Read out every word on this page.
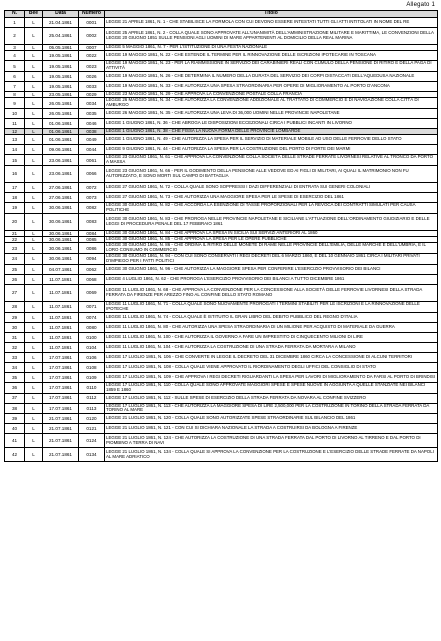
Allegato 1
N.	Bee	Data	Numero	Titolo
1	L	21.04.1861	0001	LEGGE 21 APRILE 1861, N. 1 - CHE STABILISCE LA FORMOLA CON CUI DEVONO ESSERE INTESTATI TUTTI GLI ATTI INTITOLATI IN NOME DEL RE
2	L	25.04.1861	0002	LEGGE 25 APRILE 1861, N. 2 - COLLA QUALE SONO APPROVATE ALL'UNANIMITÀ DELL'AMMINISTRAZIONE MILITARE E MARITTIMA, LE CONVENZIONI DELLA LEGGE 20 GIUGNO 1851 SULLE PENSIONI AGLI UOMINI DI MARE APPARTENENTI AL DOMICILIO DELLA REAL MARINA
3	L	05.05.1861	0007	LEGGE 5 MAGGIO 1861, N. 7 - PER L'ISTITUZIONE DI UNA FESTA NAZIONALE
4	L	19.05.1861	0022	LEGGE 19 MAGGIO 1861, N. 22 - CHE ESTENDE IL TERMINE PER IL RINNOVAZIONE DELLE ISCRIZIONI IPOTECARIE IN TOSCANA
5	L	19.05.1861	0023	LEGGE 19 MAGGIO 1861, N. 23 - PER LA RIAMMISSIONE IN SERVIZIO DEI CARABINIERI REALI CON CUMULO DELLA PENSIONE DI RITIRO E DELLA PAGA DI ATTIVITÀ
6	L	19.05.1861	0026	LEGGE 19 MAGGIO 1861, N. 26 - CHE DETERMINA IL NUMERO DELLA DURATA DEL SERVIZIO DEI CORPI DISTACCATI DELL'AQUEDUSA NAZIONALE
7	L	19.05.1861	0033	LEGGE 19 MAGGIO 1861, N. 33 - CHE AUTORIZZA UNA SPESA STRAORDINARIA PER OPERE DI MIGLIORAMENTO AL PORTO D'ANCONA
8	L	23.05.1861	0029	LEGGE 23 MAGGIO 1861, N. 29 - CHE APPROVA LA CONVENZIONE POSTALE COLLA FRANCIA
9	L	26.05.1861	0034	LEGGE 26 MAGGIO 1861, N. 34 - CHE AUTORIZZA LA CONVENZIONE ADDIZIONALE AL TRATTATO DI COMMERCIO E DI NAVIGAZIONE COLLA CITTÀ DI AMBURGO
10	L	26.05.1861	0035	LEGGE 26 MAGGIO 1861, N. 35 - CHE AUTORIZZA UNA LEVA DI 36,000 UOMINI NELLE PROVINCIE NAPOLETANE
11	L	01.06.1861	0046	LEGGE 1 GIUGNO 1861, N. 36 - CHE ABROGA LE DISPOSIZIONI ECCEZIONALI CIRCA I PUBBLICI INCANTI IN LIVORNO
12	L	01.06.1861	0038	LEGGE 1 GIUGNO 1861, N. 38 - CHE FISSA LA NUOVA FORMA DELLE PROVINCIE LOMBARDE
13	L	01.06.1861	0049	LEGGE 1 GIUGNO 1861, N. 49 - CHE AUTORIZZA LA SPESA PER IL SERVIZIO DI MATERIALE MOBILE AD USO DELLE FERROVIE DELLO STATO
14	L	09.06.1861	0044	LEGGE 9 GIUGNO 1861, N. 44 - CHE AUTORIZZA LA SPESA PER LA COSTRUZIONE DEL PORTO DI FORTE DEI MARMI
15	L	23.06.1861	0061	LEGGE 23 GIUGNO 1861, N. 61 - CHE APPROVA LA CONVENZIONE COLLA SOCIETÀ DELLE STRADE FERRATE LIVORNESI RELATIVE AL TRONCO DA PORTO A MASSA
16	L	23.06.1861	0066	LEGGE 23 GIUGNO 1861, N. 66 - PER IL GODIMENTO DELLA PENSIONE ALLE VEDOVE ED AI FIGLI DI MILITARI, AI QUALI IL MATRIMONIO NON FU AUTORIZZATO, E SONO MORTI SUL CAMPO DI BATTAGLIA
17	L	27.06.1861	0072	LEGGE 27 GIUGNO 1861, N. 72 - COLLA QUALE SONO SOPPRESSI I DAZI DIFFERENZIALI DI ENTRATA SUI GENERI COLONIALI
18	L	27.06.1861	0073	LEGGE 27 GIUGNO 1861, N. 73 - CHE AUTORIZZA UNA MAGGIORE SPESA PER LE SPESE DI ESERCIZIO DEL 1861
19	L	30.06.1861	0082	LEGGE 30 GIUGNO 1861, N. 82 - CHE ACCORDA LA ESENZIONE DI TASSE PROPORZIONALI PER LA REVOCA DEI CONTRATTI SIMULATI PER CAUSA POLITICHE
20	L	30.06.1861	0083	LEGGE 30 GIUGNO 1861, N. 83 - CHE PROROGA NELLE PROVINCIE NAPOLETANE E SICILIANE L'ATTUAZIONE DELL'ORDINAMENTO GIUDIZIARIO E DELLE LEGGI DI PROCEDURA PENALE DEL 17 FEBBRAIO 1861
21	L	30.06.1861	0084	LEGGE 30 GIUGNO 1861, N. 84 - CHE APPROVA LA SPESA IN SICILIA SUI SERVIZI ANTERIORI AL 1860
22	L	30.06.1861	0085	LEGGE 30 GIUGNO 1861, N. 85 - CHE APPROVA LA SPESA PER LE OPERE PUBBLICHE
23	L	30.06.1861	0086	LEGGE 30 GIUGNO 1861, N. 86 - CHE ORDINA IL RITIRO DELLE MONETE DI RAME NELLE PROVINCIE DELL'EMILIA, DELLE MARCHE E DELL'UMBRIA, E IL LORO CONSUMO IN COMMERCIO
24	L	30.06.1861	0094	LEGGE 30 GIUGNO 1861, N. 94 - CON CUI SONO CONSERVATI I REGI DECRETI DEL 6 MARZO 1860, E DEL 10 GENNAIO 1861 CIRCA I MILITARI PRIVATI D'IMPIEGO PER I FATTI POLITICI
25	L	04.07.1861	0062	LEGGE 30 GIUGNO 1861, N. 96 - CHE AUTORIZZA LA MAGGIORE SPESA PER CONFERIRE L'ESERCIZIO PROVVISORIO DEI BILANCI
26	L	11.07.1861	0068	LEGGE 4 LUGLIO 1861, N. 62 - CHE PROROGA L'ESERCIZIO PROVVISORIO DEI BILANCI A TUTTO DICEMBRE 1861
27	L	11.07.1861	0069	LEGGE 11 LUGLIO 1861, N. 68 - CHE APPROVA LA CONVENZIONE PER LA CONCESSIONE ALLA SOCIETÀ DELLE FERROVIE LIVORNESI DELLA STRADA FERRATA DA FIRENZE PER AREZZO FINO AL CONFINE DELLO STATO ROMANO
28	L	11.07.1861	0071	LEGGE 11 LUGLIO 1861, N. 71 - COLLA QUALE SONO NUOVAMENTE PROROGATI I TERMINI STABILITI PER LE ISCRIZIONI E LA RINNOVAZIONE DELLE IPOTECHE
29	L	11.07.1861	0074	LEGGE 11 LUGLIO 1861, N. 74 - COLLA QUALE È ISTITUITO IL GRAN LIBRO DEL DEBITO PUBBLICO DEL REGNO D'ITALIA
30	L	11.07.1861	0080	LEGGE 11 LUGLIO 1861, N. 80 - CHE AUTORIZZA UNA SPESA STRAORDINARIA DI UN MILIONE PER ACQUISTO DI MATERIALE DA GUERRA
31	L	11.07.1861	0100	LEGGE 11 LUGLIO 1861, N. 100 - CHE AUTORIZZA IL GOVERNO A FARE UN IMPRESTITO DI CINQUECENTO MILIONI DI LIRE
32	L	11.07.1861	0104	LEGGE 11 LUGLIO 1861, N. 104 - CHE AUTORIZZA LA COSTRUZIONE DI UNA STRADA FERRATA DA MORTARA A MILANO
33	L	17.07.1861	0106	LEGGE 17 LUGLIO 1861, N. 106 - CHE CONVERTE IN LEGGE IL DECRETO DEL 31 DICEMBRE 1860 CIRCA LA CONCESSIONE DI ALCUNI TERRITORI
34	L	17.07.1861	0108	LEGGE 17 LUGLIO 1861, N. 108 - COLLA QUALE VIENE APPROVATO IL RIORDINAMENTO DEGLI UFFICI DEL CONSIGLIO DI STATO
35	L	17.07.1861	0109	LEGGE 17 LUGLIO 1861, N. 109 - CHE APPROVA I REGI DECRETI RIGUARDANTI LA SPESA PER LAVORI DI MIGLIORAMENTO DA FARSI AL PORTO DI BRINDISI
36	L	17.07.1861	0110	LEGGE 17 LUGLIO 1861, N. 110 - COLLA QUALE SONO APPROVATE MAGGIORI SPESE E SPESE NUOVE IN AGGIUNTA A QUELLE STANZIATE NEI BILANCI 1859 E 1860
37	L	17.07.1861	0112	LEGGE 17 LUGLIO 1861, N. 112 - SULLE SPESE DI ESERCIZIO DELLA STRADA FERRATA DA NOVARA AL CONFINE SVIZZERO
38	L	17.07.1861	0113	LEGGE 17 LUGLIO 1861, N. 113 - CHE AUTORIZZA LA MAGGIORE SPESA DI LIRE 2,500,000 PER LA COSTRUZIONE IN TORINO DELLA STRADA FERRATA DA TORINO AL MARE
39	L	21.07.1861	0120	LEGGE 21 LUGLIO 1861, N. 120 - COLLA QUALE SONO AUTORIZZATE SPESE STRAORDINARIE SUL BILANCIO DEL 1861
40	L	21.07.1861	0121	LEGGE 21 LUGLIO 1861, N. 121 - CON CUI SI DICHIARA NAZIONALE LA STRADA A COSTRUIRSI DA BOLOGNA A FIRENZE
41	L	21.07.1861	0124	LEGGE 21 LUGLIO 1861, N. 124 - CHE AUTORIZZA LA COSTRUZIONE DI UNA STRADA FERRATA DAL PORTO DI LIVORNO AL TIRRENO E DAL PORTO DI PIOMBINO A TERRA DI NAVI
42	L	21.07.1861	0134	LEGGE 21 LUGLIO 1861, N. 134 - COLLA QUALE SI APPROVA LA CONVENZIONE PER LA COSTRUZIONE E L'ESERCIZIO DELLE STRADE FERRATE DA NAPOLI AL MARE ADRIATICO
